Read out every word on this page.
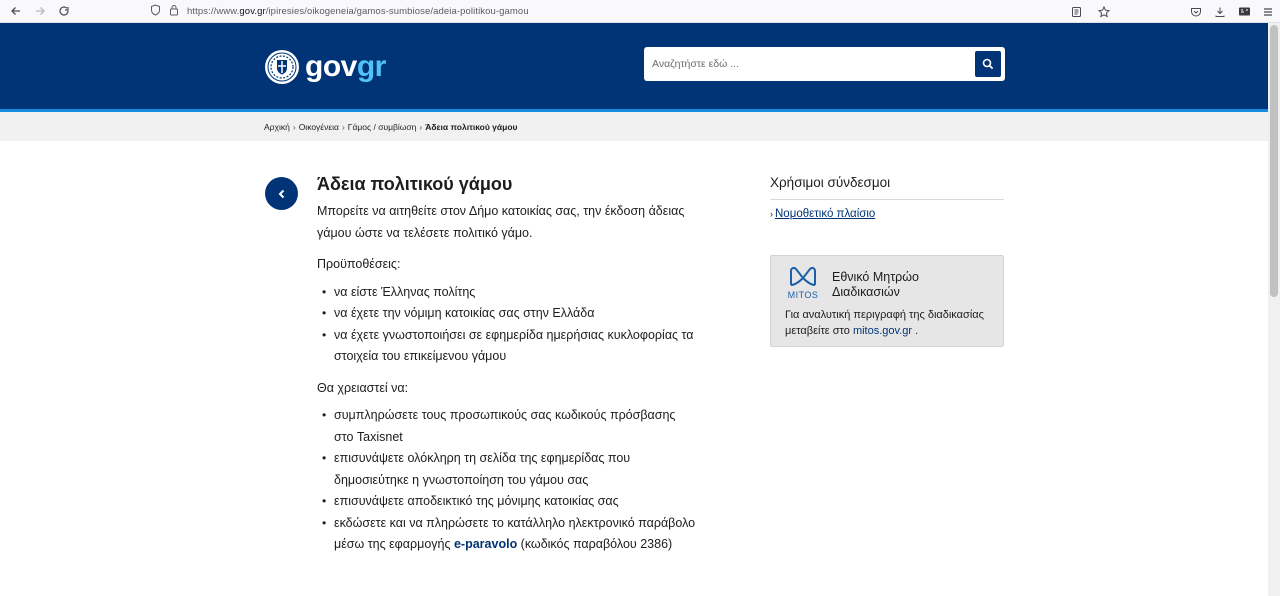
https://www.gov.gr/ipiresies/oikogeneia/gamos-sumbiose/adeia-politikou-gamou
govgr
Αναζητήστε εδώ ...
Αρχική › Οικογένεια › Γάμος / συμβίωση › Άδεια πολιτικού γάμου
Άδεια πολιτικού γάμου

Μπορείτε να αιτηθείτε στον Δήμο κατοικίας σας, την έκδοση άδειας γάμου ώστε να τελέσετε πολιτικό γάμο.

Προϋποθέσεις:

• να είστε Έλληνας πολίτης
• να έχετε την νόμιμη κατοικίας σας στην Ελλάδα
• να έχετε γνωστοποιήσει σε εφημερίδα ημερήσιας κυκλοφορίας τα στοιχεία του επικείμενου γάμου

Θα χρειαστεί να:

• συμπληρώσετε τους προσωπικούς σας κωδικούς πρόσβασης στο Taxisnet
• επισυνάψετε ολόκληρη τη σελίδα της εφημερίδας που δημοσιεύτηκε η γνωστοποίηση του γάμου σας
• επισυνάψετε αποδεικτικό της μόνιμης κατοικίας σας
• εκδώσετε και να πληρώσετε το κατάλληλο ηλεκτρονικό παράβολο μέσω της εφαρμογής e-paravolo (κωδικός παραβόλου 2386)
Χρήσιμοι σύνδεσμοι
› Νομοθετικό πλαίσιο
MITOS
Εθνικό Μητρώο
Διαδικασιών
Για αναλυτική περιγραφή της διαδικασίας μεταβείτε στο mitos.gov.gr .
